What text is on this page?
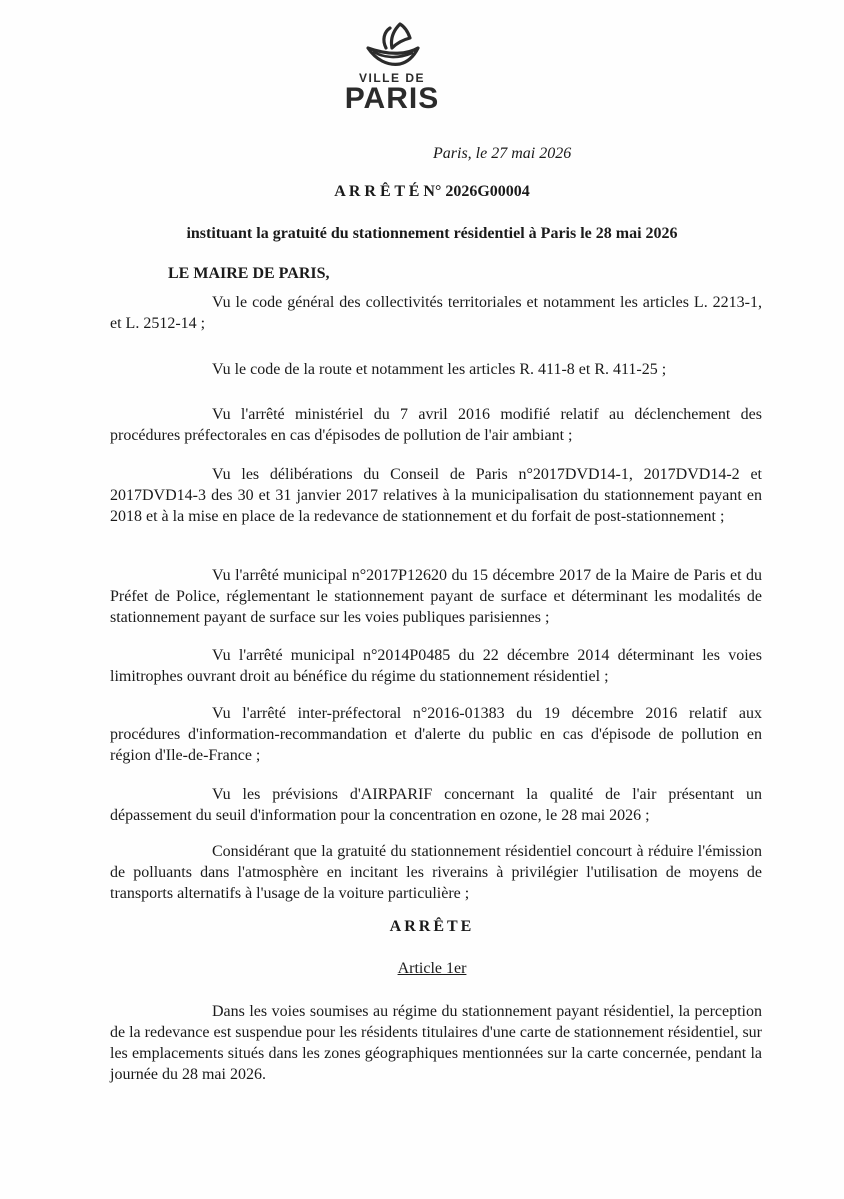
VILLE DE
PARIS
Paris, le 27 mai 2026
A R R Ê T É N° 2026G00004
instituant la gratuité du stationnement résidentiel à Paris le 28 mai 2026
LE MAIRE DE PARIS,

Vu le code général des collectivités territoriales et notamment les articles L. 2213-1, et L. 2512-14 ;

Vu le code de la route et notamment les articles R. 411-8 et R. 411-25 ;

Vu l'arrêté ministériel du 7 avril 2016 modifié relatif au déclenchement des procédures préfectorales en cas d'épisodes de pollution de l'air ambiant ;

Vu les délibérations du Conseil de Paris n°2017DVD14-1, 2017DVD14-2 et 2017DVD14-3 des 30 et 31 janvier 2017 relatives à la municipalisation du stationnement payant en 2018 et à la mise en place de la redevance de stationnement et du forfait de post-stationnement ;

Vu l'arrêté municipal n°2017P12620 du 15 décembre 2017 de la Maire de Paris et du Préfet de Police, réglementant le stationnement payant de surface et déterminant les modalités de stationnement payant de surface sur les voies publiques parisiennes ;

Vu l'arrêté municipal n°2014P0485 du 22 décembre 2014 déterminant les voies limitrophes ouvrant droit au bénéfice du régime du stationnement résidentiel ;

Vu l'arrêté inter-préfectoral n°2016-01383 du 19 décembre 2016 relatif aux procédures d'information-recommandation et d'alerte du public en cas d'épisode de pollution en région d'Ile-de-France ;

Vu les prévisions d'AIRPARIF concernant la qualité de l'air présentant un dépassement du seuil d'information pour la concentration en ozone, le 28 mai 2026 ;

Considérant que la gratuité du stationnement résidentiel concourt à réduire l'émission de polluants dans l'atmosphère en incitant les riverains à privilégier l'utilisation de moyens de transports alternatifs à l'usage de la voiture particulière ;

ARRÊTE
Article 1er

Dans les voies soumises au régime du stationnement payant résidentiel, la perception de la redevance est suspendue pour les résidents titulaires d'une carte de stationnement résidentiel, sur les emplacements situés dans les zones géographiques mentionnées sur la carte concernée, pendant la journée du 28 mai 2026.
